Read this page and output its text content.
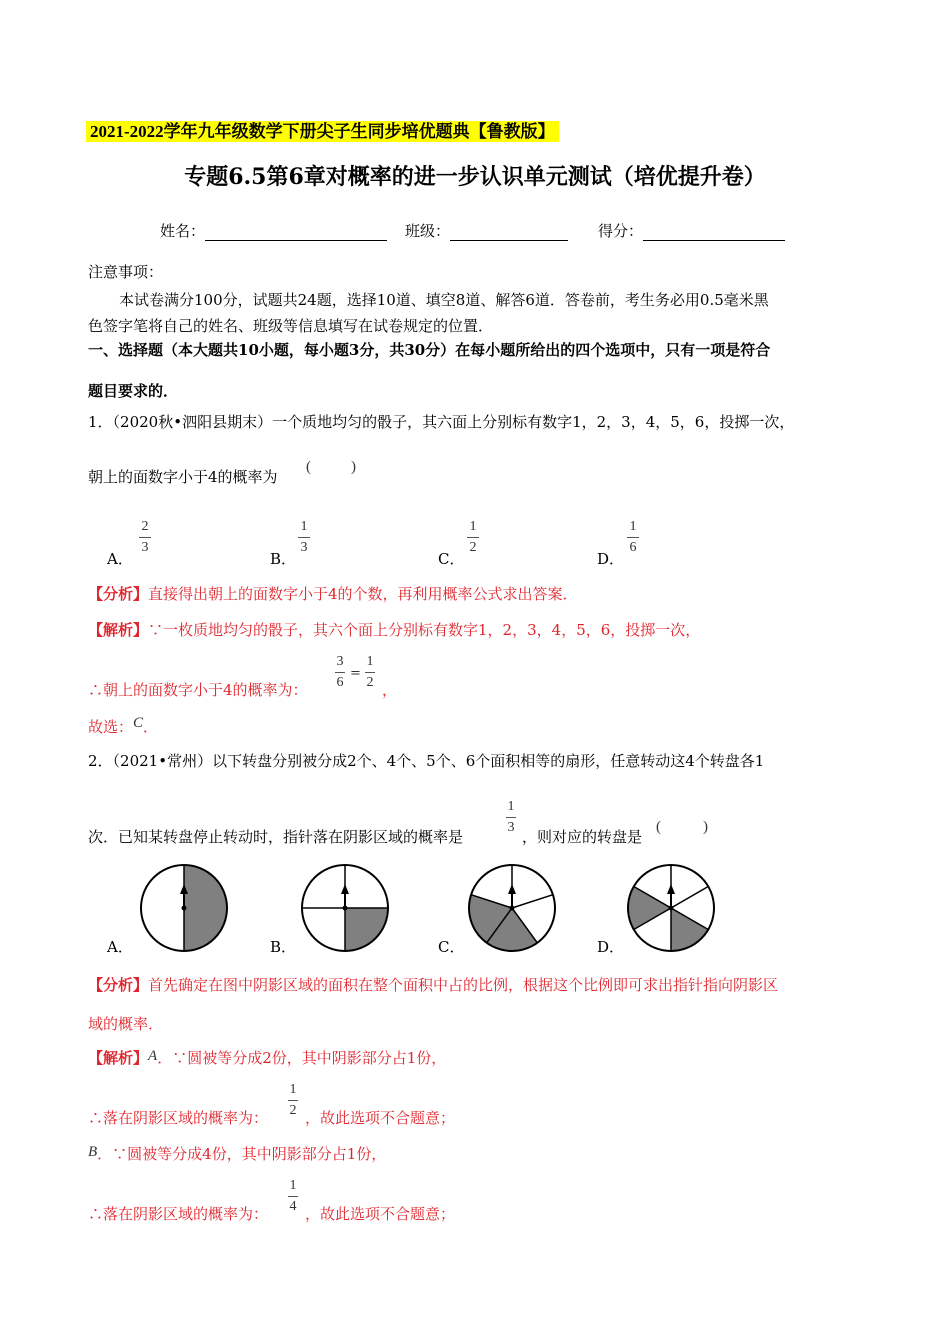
2021-2022学年九年级数学下册尖子生同步培优题典【鲁教版】
专题6.5第6章对概率的进一步认识单元测试（培优提升卷）
姓名：	班级：	得分：
注意事项：
本试卷满分100分，试题共24题，选择10道、填空8道、解答6道．答卷前，考生务必用0.5毫米黑
色签字笔将自己的姓名、班级等信息填写在试卷规定的位置．
一、选择题（本大题共10小题，每小题3分，共30分）在每小题所给出的四个选项中，只有一项是符合
题目要求的．
1．（2020秋•泗阳县期末）一个质地均匀的骰子，其六面上分别标有数字1，2，3，4，5，6，投掷一次，
朝上的面数字小于4的概率为
(	)
A．
2
3
B．
1
3
C．
1
2
D．
1
6
【分析】直接得出朝上的面数字小于4的个数，再利用概率公式求出答案．
【解析】∵一枚质地均匀的骰子，其六个面上分别标有数字1，2，3，4，5，6，投掷一次，
∴朝上的面数字小于4的概率为：
3
6
=
1
2 ，
故选：C．
2．（2021•常州）以下转盘分别被分成2个、4个、5个、6个面积相等的扇形，任意转动这4个转盘各1
次．已知某转盘停止转动时，指针落在阴影区域的概率是
1
3
，则对应的转盘是
(	)
A．	B．	C．	D．
【分析】首先确定在图中阴影区域的面积在整个面积中占的比例，根据这个比例即可求出指针指向阴影区
域的概率．
【解析】A．∵圆被等分成2份，其中阴影部分占1份，
∴落在阴影区域的概率为：
1
2 ，故此选项不合题意；
B．∵圆被等分成4份，其中阴影部分占1份，
∴落在阴影区域的概率为：
1
4 ，故此选项不合题意；
